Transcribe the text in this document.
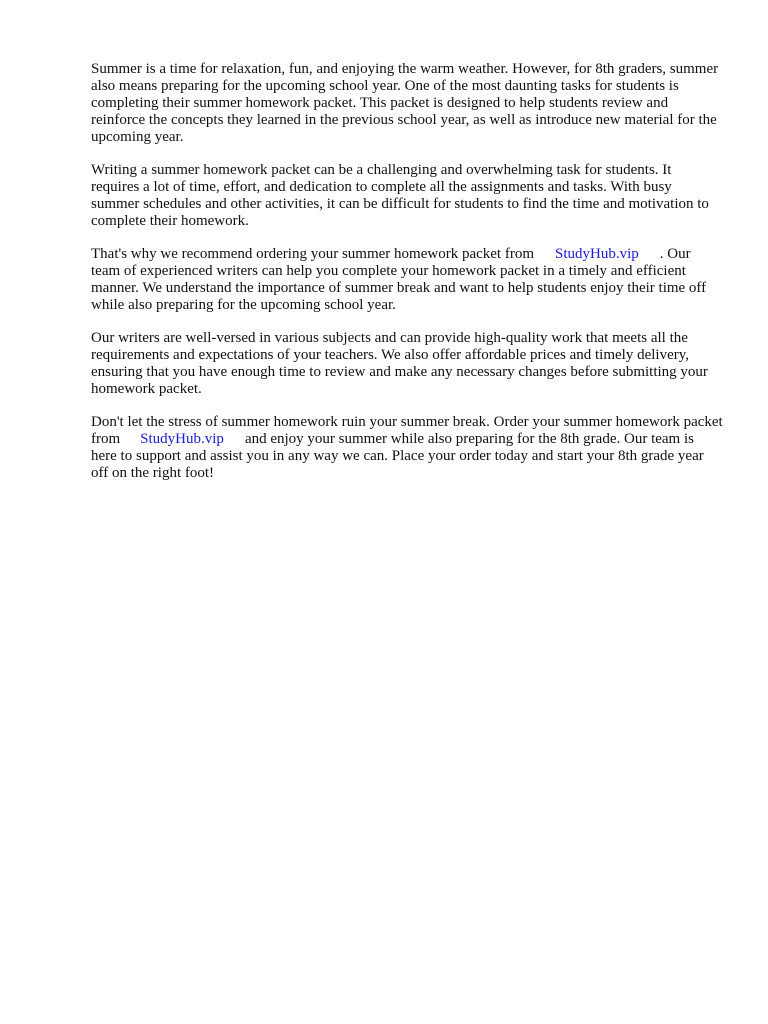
Summer is a time for relaxation, fun, and enjoying the warm weather. However, for 8th graders, summer also means preparing for the upcoming school year. One of the most daunting tasks for students is completing their summer homework packet. This packet is designed to help students review and reinforce the concepts they learned in the previous school year, as well as introduce new material for the upcoming year.

Writing a summer homework packet can be a challenging and overwhelming task for students. It requires a lot of time, effort, and dedication to complete all the assignments and tasks. With busy summer schedules and other activities, it can be difficult for students to find the time and motivation to complete their homework.

That's why we recommend ordering your summer homework packet from StudyHub.vip . Our team of experienced writers can help you complete your homework packet in a timely and efficient manner. We understand the importance of summer break and want to help students enjoy their time off while also preparing for the upcoming school year.

Our writers are well-versed in various subjects and can provide high-quality work that meets all the requirements and expectations of your teachers. We also offer affordable prices and timely delivery, ensuring that you have enough time to review and make any necessary changes before submitting your homework packet.

Don't let the stress of summer homework ruin your summer break. Order your summer homework packet from StudyHub.vip and enjoy your summer while also preparing for the 8th grade. Our team is here to support and assist you in any way we can. Place your order today and start your 8th grade year off on the right foot!
